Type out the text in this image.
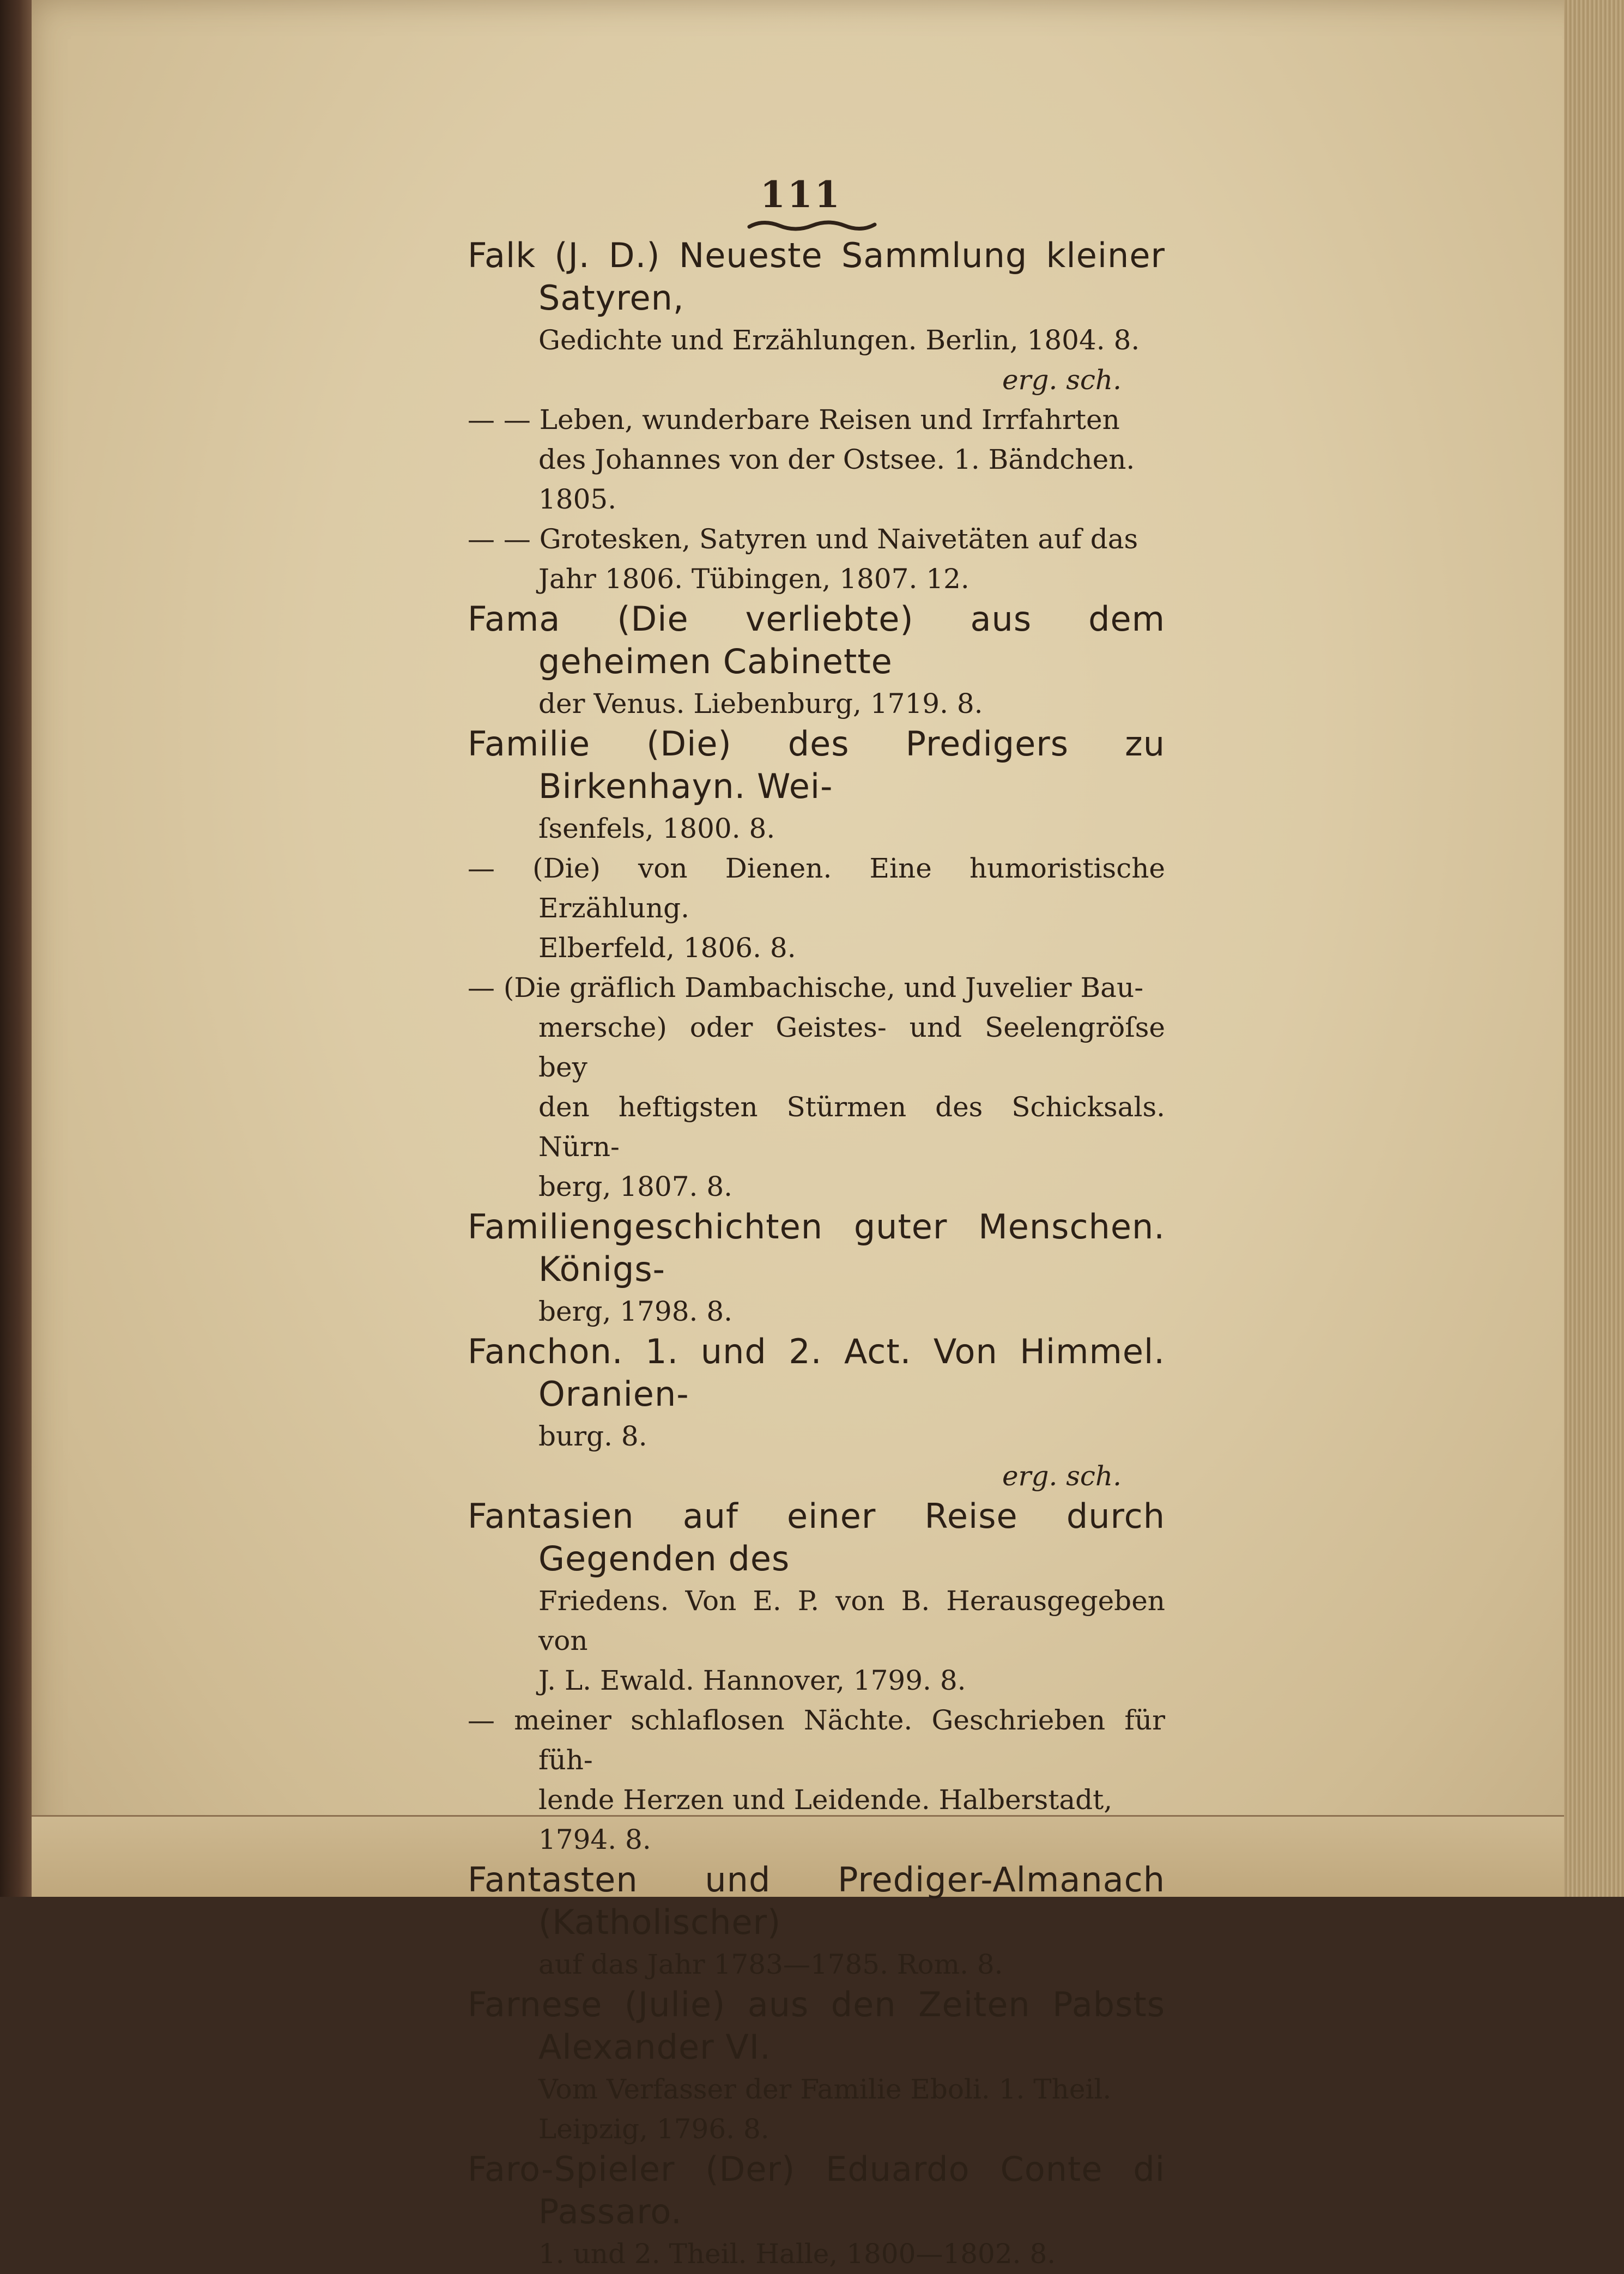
111

Falk (J. D.) Neueste Sammlung kleiner Satyren,
Gedichte und Erzählungen. Berlin, 1804. 8.
erg. sch.

— — Leben, wunderbare Reisen und Irrfahrten
des Johannes von der Ostsee. 1. Bändchen.
1805.

— — Grotesken, Satyren und Naivetäten auf das
Jahr 1806. Tübingen, 1807. 12.

Fama (Die verliebte) aus dem geheimen Cabinette
der Venus. Liebenburg, 1719. 8.

Familie (Die) des Predigers zu Birkenhayn. Wei-
ſsenfels, 1800. 8.

— (Die) von Dienen. Eine humoristische Erzählung.
Elberfeld, 1806. 8.

— (Die gräflich Dambachische, und Juvelier Bau-
mersche) oder Geistes- und Seelengröſse bey
den heftigsten Stürmen des Schicksals. Nürn-
berg, 1807. 8.

Familiengeschichten guter Menschen. Königs-
berg, 1798. 8.

Fanchon. 1. und 2. Act. Von Himmel. Oranien-
burg. 8.
erg. sch.

Fantasien auf einer Reise durch Gegenden des
Friedens. Von E. P. von B. Herausgegeben von
J. L. Ewald. Hannover, 1799. 8.

— meiner schlaflosen Nächte. Geschrieben für füh-
lende Herzen und Leidende. Halberstadt,
1794. 8.

Fantasten und Prediger-Almanach (Katholischer)
auf das Jahr 1783—1785. Rom. 8.

Farnese (Julie) aus den Zeiten Pabsts Alexander VI.
Vom Verfasser der Familie Eboli. 1. Theil.
Leipzig, 1796. 8.

Faro-Spieler (Der) Eduardo Conte di Passaro.
1. und 2. Theil. Halle, 1800—1802. 8.
